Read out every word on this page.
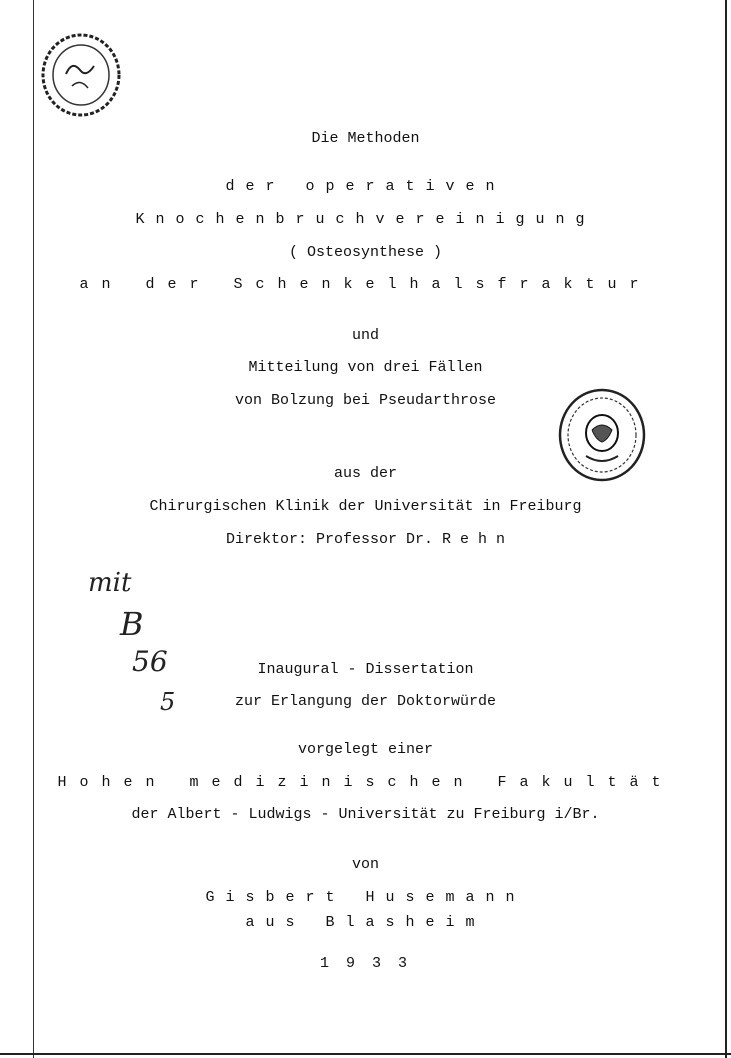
Die Methoden
der operativen
Knochenbruchvereinigung
( Osteosynthese )
an der Schenkelhalsfraktur
und
Mitteilung von drei Fällen
von Bolzung bei Pseudarthrose
aus der
Chirurgischen Klinik der Universität in Freiburg
Direktor: Professor Dr. R e h n
Inaugural - Dissertation
zur Erlangung der Doktorwürde
vorgelegt einer
Hohen medizinischen Fakultät
der Albert - Ludwigs - Universität zu Freiburg i/Br.
von
Gisbert Husemann
aus Blasheim
1 9 3 3
mit
B
56
5
